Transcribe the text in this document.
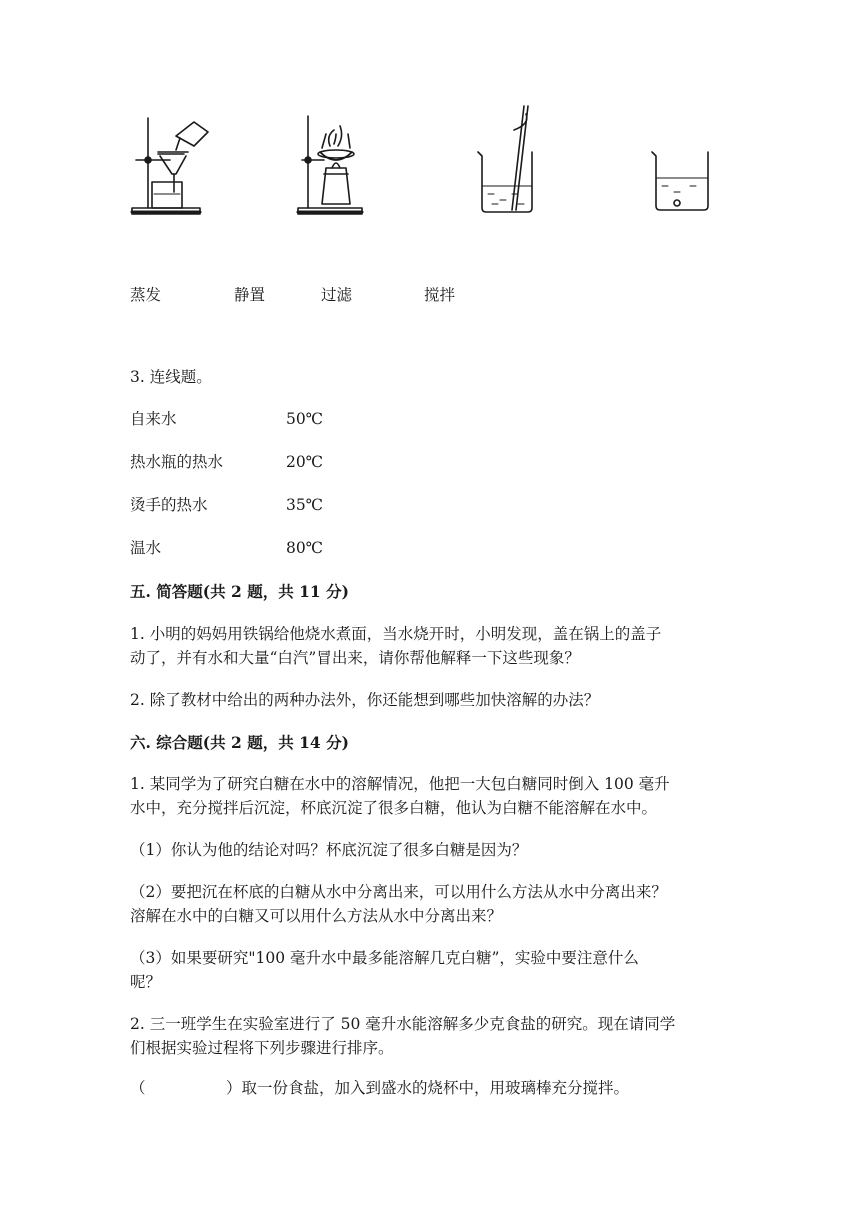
蒸发	静置	过滤	搅拌
3. 连线题。
自来水	50℃
热水瓶的热水	20℃
烫手的热水	35℃
温水	80℃
五. 简答题(共 2 题，共 11 分)
1. 小明的妈妈用铁锅给他烧水煮面，当水烧开时，小明发现，盖在锅上的盖子
动了，并有水和大量“白汽”冒出来，请你帮他解释一下这些现象？
2. 除了教材中给出的两种办法外，你还能想到哪些加快溶解的办法？
六. 综合题(共 2 题，共 14 分)
1. 某同学为了研究白糖在水中的溶解情况，他把一大包白糖同时倒入 100 毫升
水中，充分搅拌后沉淀，杯底沉淀了很多白糖，他认为白糖不能溶解在水中。
（1）你认为他的结论对吗？杯底沉淀了很多白糖是因为？
（2）要把沉在杯底的白糖从水中分离出来，可以用什么方法从水中分离出来？
溶解在水中的白糖又可以用什么方法从水中分离出来？
（3）如果要研究"100 毫升水中最多能溶解几克白糖”，实验中要注意什么
呢？
2. 三一班学生在实验室进行了 50 毫升水能溶解多少克食盐的研究。现在请同学
们根据实验过程将下列步骤进行排序。
（	）取一份食盐，加入到盛水的烧杯中，用玻璃棒充分搅拌。
